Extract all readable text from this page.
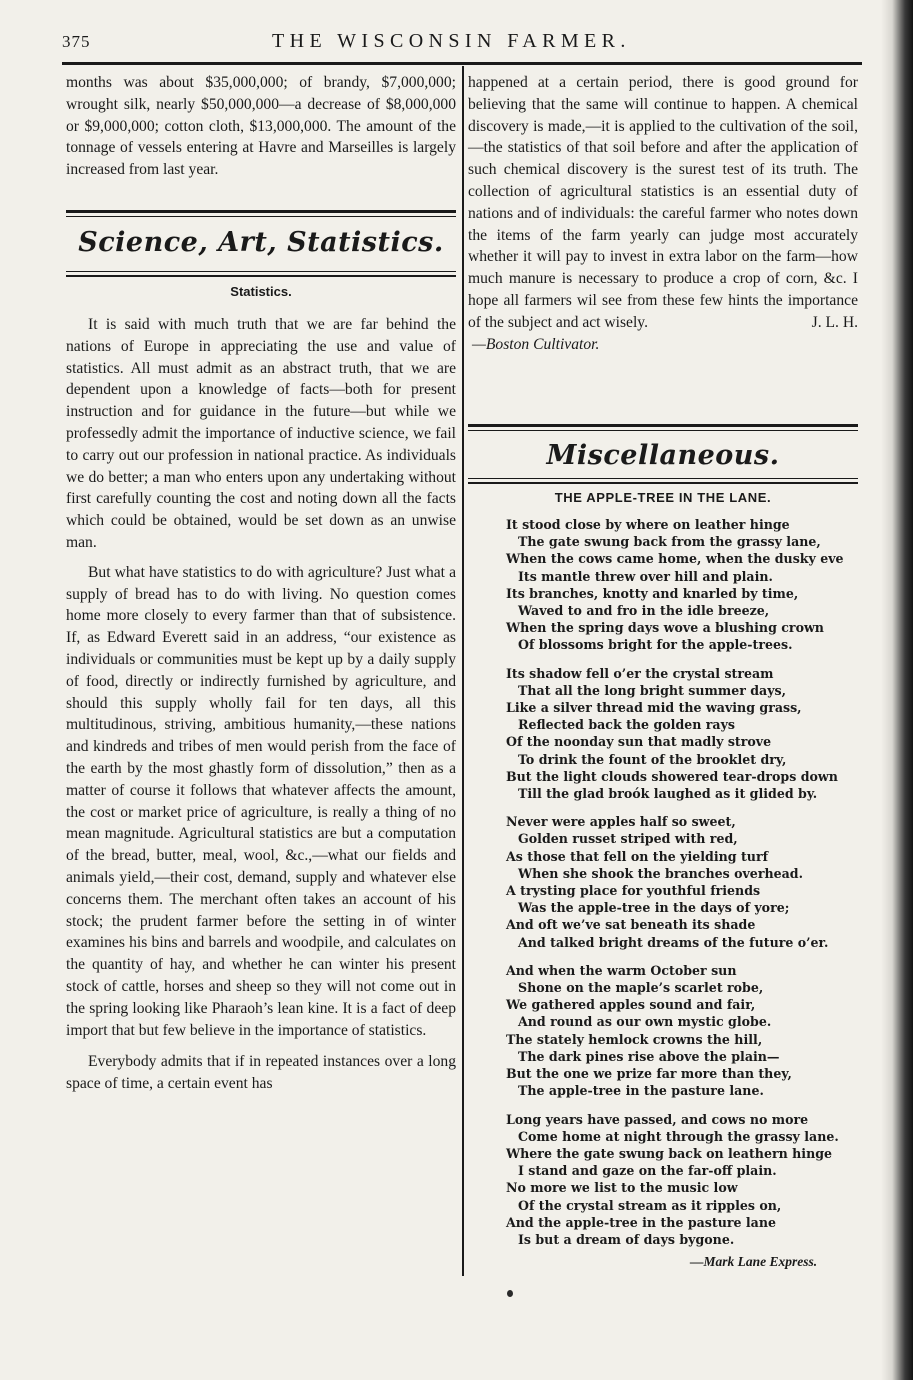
375	THE WISCONSIN FARMER.

months was about $35,000,000; of brandy, $7,000,000; wrought silk, nearly $50,000,000—a decrease of $8,000,000 or $9,000,000; cotton cloth, $13,000,000. The amount of the tonnage of vessels entering at Havre and Marseilles is largely increased from last year.

Science, Art, Statistics.
Statistics.

It is said with much truth that we are far behind the nations of Europe in appreciating the use and value of statistics. All must admit as an abstract truth, that we are dependent upon a knowledge of facts—both for present instruction and for guidance in the future—but while we professedly admit the importance of inductive science, we fail to carry out our profession in national practice. As individuals we do better; a man who enters upon any undertaking without first carefully counting the cost and noting down all the facts which could be obtained, would be set down as an unwise man.

But what have statistics to do with agriculture? Just what a supply of bread has to do with living. No question comes home more closely to every farmer than that of subsistence. If, as Edward Everett said in an address, “our existence as individuals or communities must be kept up by a daily supply of food, directly or indirectly furnished by agriculture, and should this supply wholly fail for ten days, all this multitudinous, striving, ambitious humanity,—these nations and kindreds and tribes of men would perish from the face of the earth by the most ghastly form of dissolution,” then as a matter of course it follows that whatever affects the amount, the cost or market price of agriculture, is really a thing of no mean magnitude. Agricultural statistics are but a computation of the bread, butter, meal, wool, &c.,—what our fields and animals yield,—their cost, demand, supply and whatever else concerns them. The merchant often takes an account of his stock; the prudent farmer before the setting in of winter examines his bins and barrels and woodpile, and calculates on the quantity of hay, and whether he can winter his present stock of cattle, horses and sheep so they will not come out in the spring looking like Pharaoh’s lean kine. It is a fact of deep import that but few believe in the importance of statistics.

Everybody admits that if in repeated instances over a long space of time, a certain event has

happened at a certain period, there is good ground for believing that the same will continue to happen. A chemical discovery is made,—it is applied to the cultivation of the soil,—the statistics of that soil before and after the application of such chemical discovery is the surest test of its truth. The collection of agricultural statistics is an essential duty of nations and of individuals: the careful farmer who notes down the items of the farm yearly can judge most accurately whether it will pay to invest in extra labor on the farm—how much manure is necessary to produce a crop of corn, &c. I hope all farmers wil see from these few hints the importance of the subject and act wisely.	J. L. H.

—Boston Cultivator.

Miscellaneous.
THE APPLE-TREE IN THE LANE.
It stood close by where on leather hinge
The gate swung back from the grassy lane,
When the cows came home, when the dusky eve
Its mantle threw over hill and plain.
Its branches, knotty and knarled by time,
Waved to and fro in the idle breeze,
When the spring days wove a blushing crown
Of blossoms bright for the apple-trees.
Its shadow fell o’er the crystal stream
That all the long bright summer days,
Like a silver thread mid the waving grass,
Reflected back the golden rays
Of the noonday sun that madly strove
To drink the fount of the brooklet dry,
But the light clouds showered tear-drops down
Till the glad broók laughed as it glided by.
Never were apples half so sweet,
Golden russet striped with red,
As those that fell on the yielding turf
When she shook the branches overhead.
A trysting place for youthful friends
Was the apple-tree in the days of yore;
And oft we’ve sat beneath its shade
And talked bright dreams of the future o’er.
And when the warm October sun
Shone on the maple’s scarlet robe,
We gathered apples sound and fair,
And round as our own mystic globe.
The stately hemlock crowns the hill,
The dark pines rise above the plain—
But the one we prize far more than they,
The apple-tree in the pasture lane.
Long years have passed, and cows no more
Come home at night through the grassy lane.
Where the gate swung back on leathern hinge
I stand and gaze on the far-off plain.
No more we list to the music low
Of the crystal stream as it ripples on,
And the apple-tree in the pasture lane
Is but a dream of days bygone.
—Mark Lane Express.
